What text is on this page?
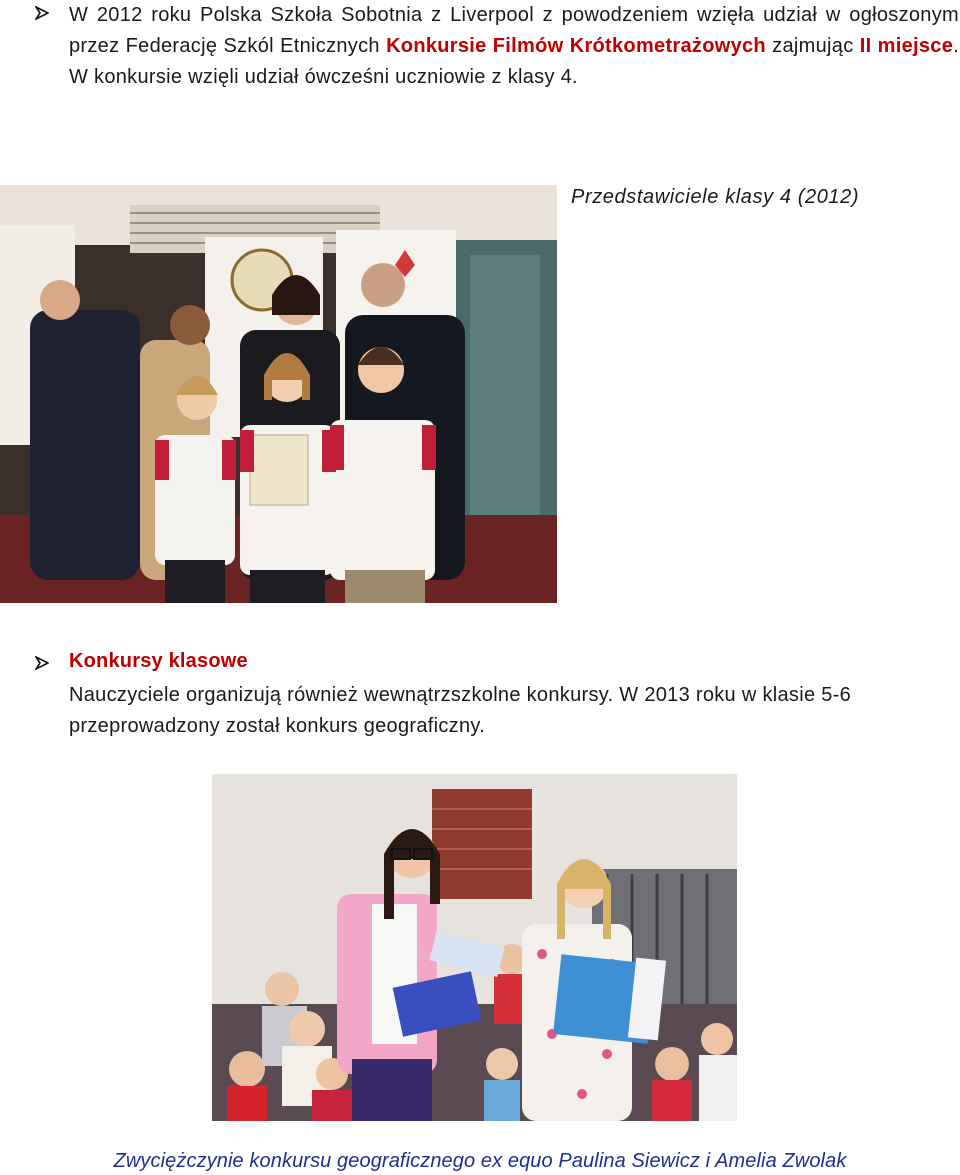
W 2012 roku Polska Szkoła Sobotnia z Liverpool z powodzeniem wzięła udział w ogłoszonym przez Federację Szkól Etnicznych Konkursie Filmów Krótkometrażowych zajmując II miejsce. W konkursie wzięli udział ówcześni uczniowie z klasy 4.
Przedstawiciele klasy 4 (2012)
Konkursy klasowe
Nauczyciele organizują również wewnątrzszkolne konkursy. W 2013 roku w klasie 5-6 przeprowadzony został konkurs geograficzny.
Zwyciężczynie konkursu geograficznego ex equo Paulina Siewicz i Amelia Zwolak
